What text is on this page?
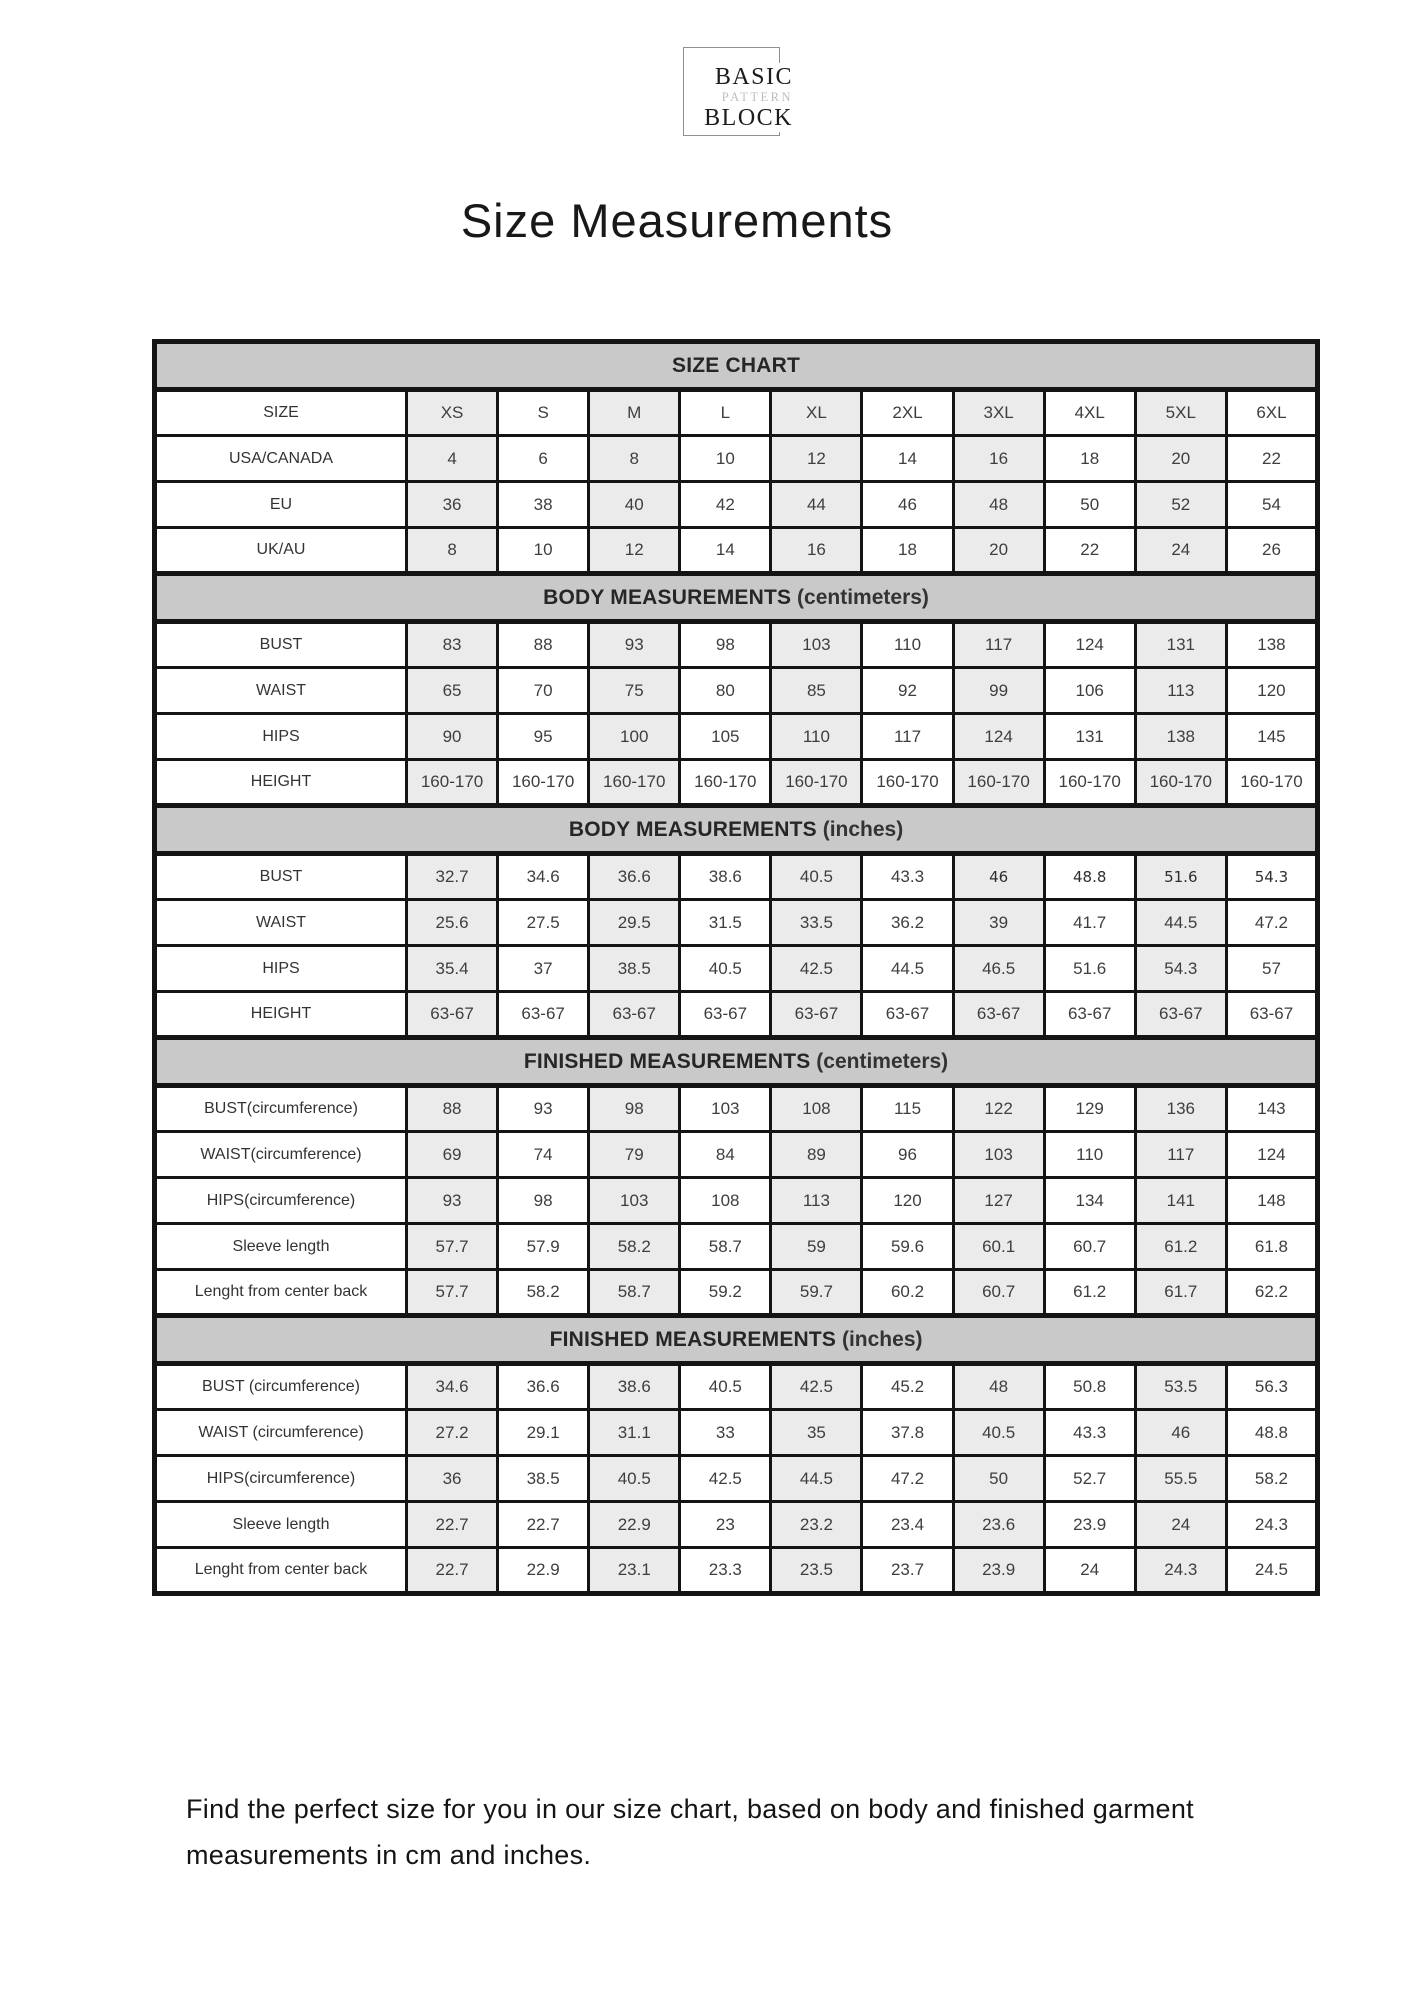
BASIC
PATTERN
BLOCK
Size Measurements
SIZE CHART										
SIZE	XS	S	M	L	XL	2XL	3XL	4XL	5XL	6XL
USA/CANADA	4	6	8	10	12	14	16	18	20	22
EU	36	38	40	42	44	46	48	50	52	54
UK/AU	8	10	12	14	16	18	20	22	24	26
BODY MEASUREMENTS (centimeters)										
BUST	83	88	93	98	103	110	117	124	131	138
WAIST	65	70	75	80	85	92	99	106	113	120
HIPS	90	95	100	105	110	117	124	131	138	145
HEIGHT	160-170	160-170	160-170	160-170	160-170	160-170	160-170	160-170	160-170	160-170
BODY MEASUREMENTS (inches)										
BUST	32.7	34.6	36.6	38.6	40.5	43.3	46	48.8	51.6	54.3
WAIST	25.6	27.5	29.5	31.5	33.5	36.2	39	41.7	44.5	47.2
HIPS	35.4	37	38.5	40.5	42.5	44.5	46.5	51.6	54.3	57
HEIGHT	63-67	63-67	63-67	63-67	63-67	63-67	63-67	63-67	63-67	63-67
FINISHED MEASUREMENTS (centimeters)										
BUST(circumference)	88	93	98	103	108	115	122	129	136	143
WAIST(circumference)	69	74	79	84	89	96	103	110	117	124
HIPS(circumference)	93	98	103	108	113	120	127	134	141	148
Sleeve length	57.7	57.9	58.2	58.7	59	59.6	60.1	60.7	61.2	61.8
Lenght from center back	57.7	58.2	58.7	59.2	59.7	60.2	60.7	61.2	61.7	62.2
FINISHED MEASUREMENTS (inches)										
BUST (circumference)	34.6	36.6	38.6	40.5	42.5	45.2	48	50.8	53.5	56.3
WAIST (circumference)	27.2	29.1	31.1	33	35	37.8	40.5	43.3	46	48.8
HIPS(circumference)	36	38.5	40.5	42.5	44.5	47.2	50	52.7	55.5	58.2
Sleeve length	22.7	22.7	22.9	23	23.2	23.4	23.6	23.9	24	24.3
Lenght from center back	22.7	22.9	23.1	23.3	23.5	23.7	23.9	24	24.3	24.5
Find the perfect size for you in our size chart, based on body and finished garment measurements in cm and inches.
